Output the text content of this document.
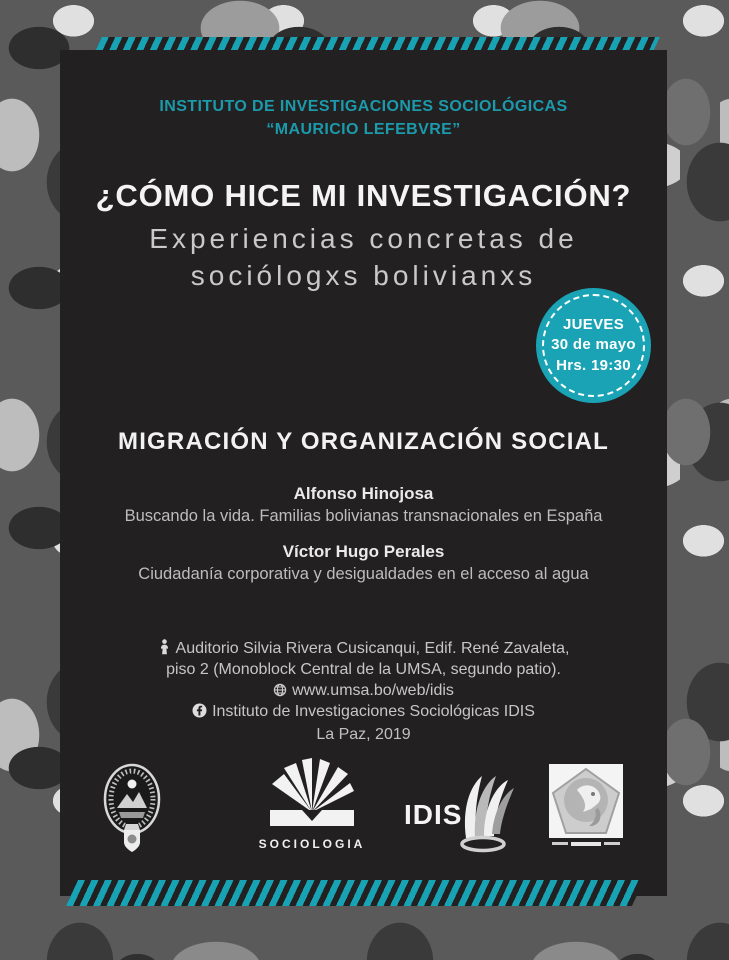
INSTITUTO DE INVESTIGACIONES SOCIOLÓGICAS
“MAURICIO LEFEBVRE”
¿CÓMO HICE MI INVESTIGACIÓN?
Experiencias concretas de
sociólogxs bolivianxs
JUEVES
30 de mayo
Hrs. 19:30
MIGRACIÓN Y ORGANIZACIÓN SOCIAL
Alfonso Hinojosa
Buscando la vida. Familias bolivianas transnacionales en España
Víctor Hugo Perales
Ciudadanía corporativa y desigualdades en el acceso al agua
Auditorio Silvia Rivera Cusicanqui, Edif. René Zavaleta,
piso 2 (Monoblock Central de la UMSA, segundo patio).
www.umsa.bo/web/idis
Instituto de Investigaciones Sociológicas IDIS
La Paz, 2019
SOCIOLOGIA
IDIS
